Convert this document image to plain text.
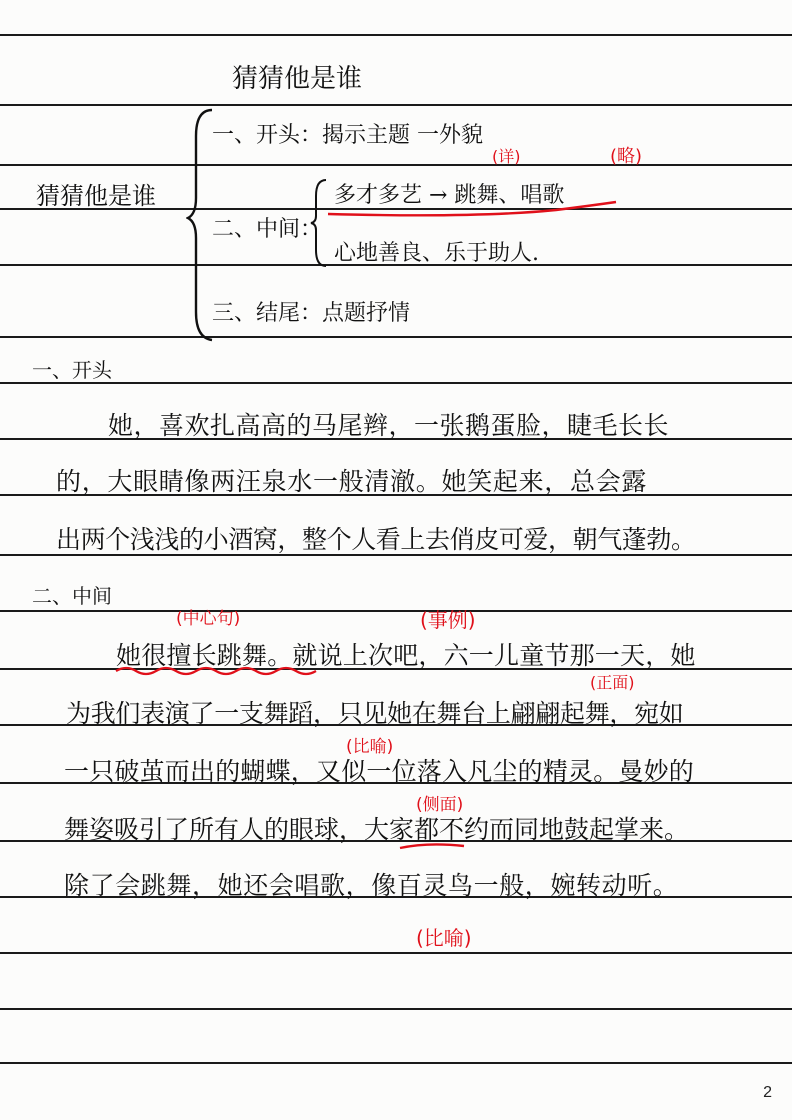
猜猜他是谁
猜猜他是谁
一、开头：揭示主题 一外貌
(详)	(略)
二、中间：
多才多艺 → 跳舞、唱歌
心地善良、乐于助人.
三、结尾：点题抒情
一、开头
她，喜欢扎高高的马尾辫，一张鹅蛋脸，睫毛长长
的，大眼睛像两汪泉水一般清澈。她笑起来，总会露
出两个浅浅的小酒窝，整个人看上去俏皮可爱，朝气蓬勃。
二、中间
(中心句)	(事例)
她很擅长跳舞。就说上次吧，六一儿童节那一天，她
(正面)
为我们表演了一支舞蹈，只见她在舞台上翩翩起舞，宛如
(比喻)
一只破茧而出的蝴蝶，又似一位落入凡尘的精灵。曼妙的
(侧面)
舞姿吸引了所有人的眼球，大家都不约而同地鼓起掌来。
除了会跳舞，她还会唱歌，像百灵鸟一般，婉转动听。
(比喻)
2
